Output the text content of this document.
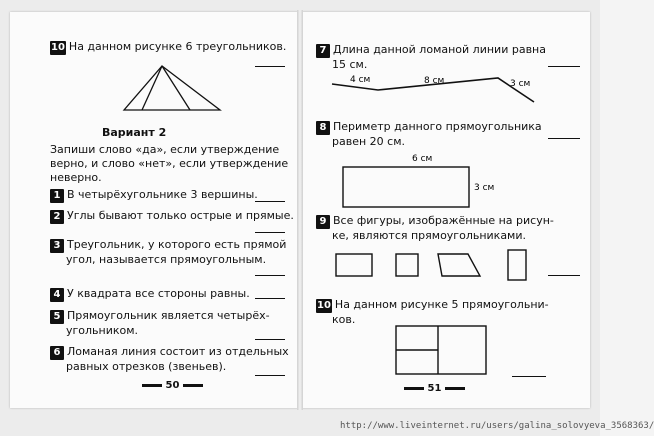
10 На данном рисунке 6 треугольников.
Вариант 2
Запиши слово «да», если утверждение
верно, и слово «нет», если утверждение
неверно.
1 В четырёхугольнике 3 вершины.
2 Углы бывают только острые и прямые.
3 Треугольник, у которого есть прямой
угол, называется прямоугольным.
4 У квадрата все стороны равны.
5 Прямоугольник является четырёх-
угольником.
6 Ломаная линия состоит из отдельных
равных отрезков (звеньев).
50
7 Длина данной ломаной линии равна
15 см.
4 см	8 см	3 см
8 Периметр данного прямоугольника
равен 20 см.
6 см
3 см
9 Все фигуры, изображённые на рисун-
ке, являются прямоугольниками.
10 На данном рисунке 5 прямоугольни-
ков.
51
http://www.liveinternet.ru/users/galina_solovyeva_3568363/
